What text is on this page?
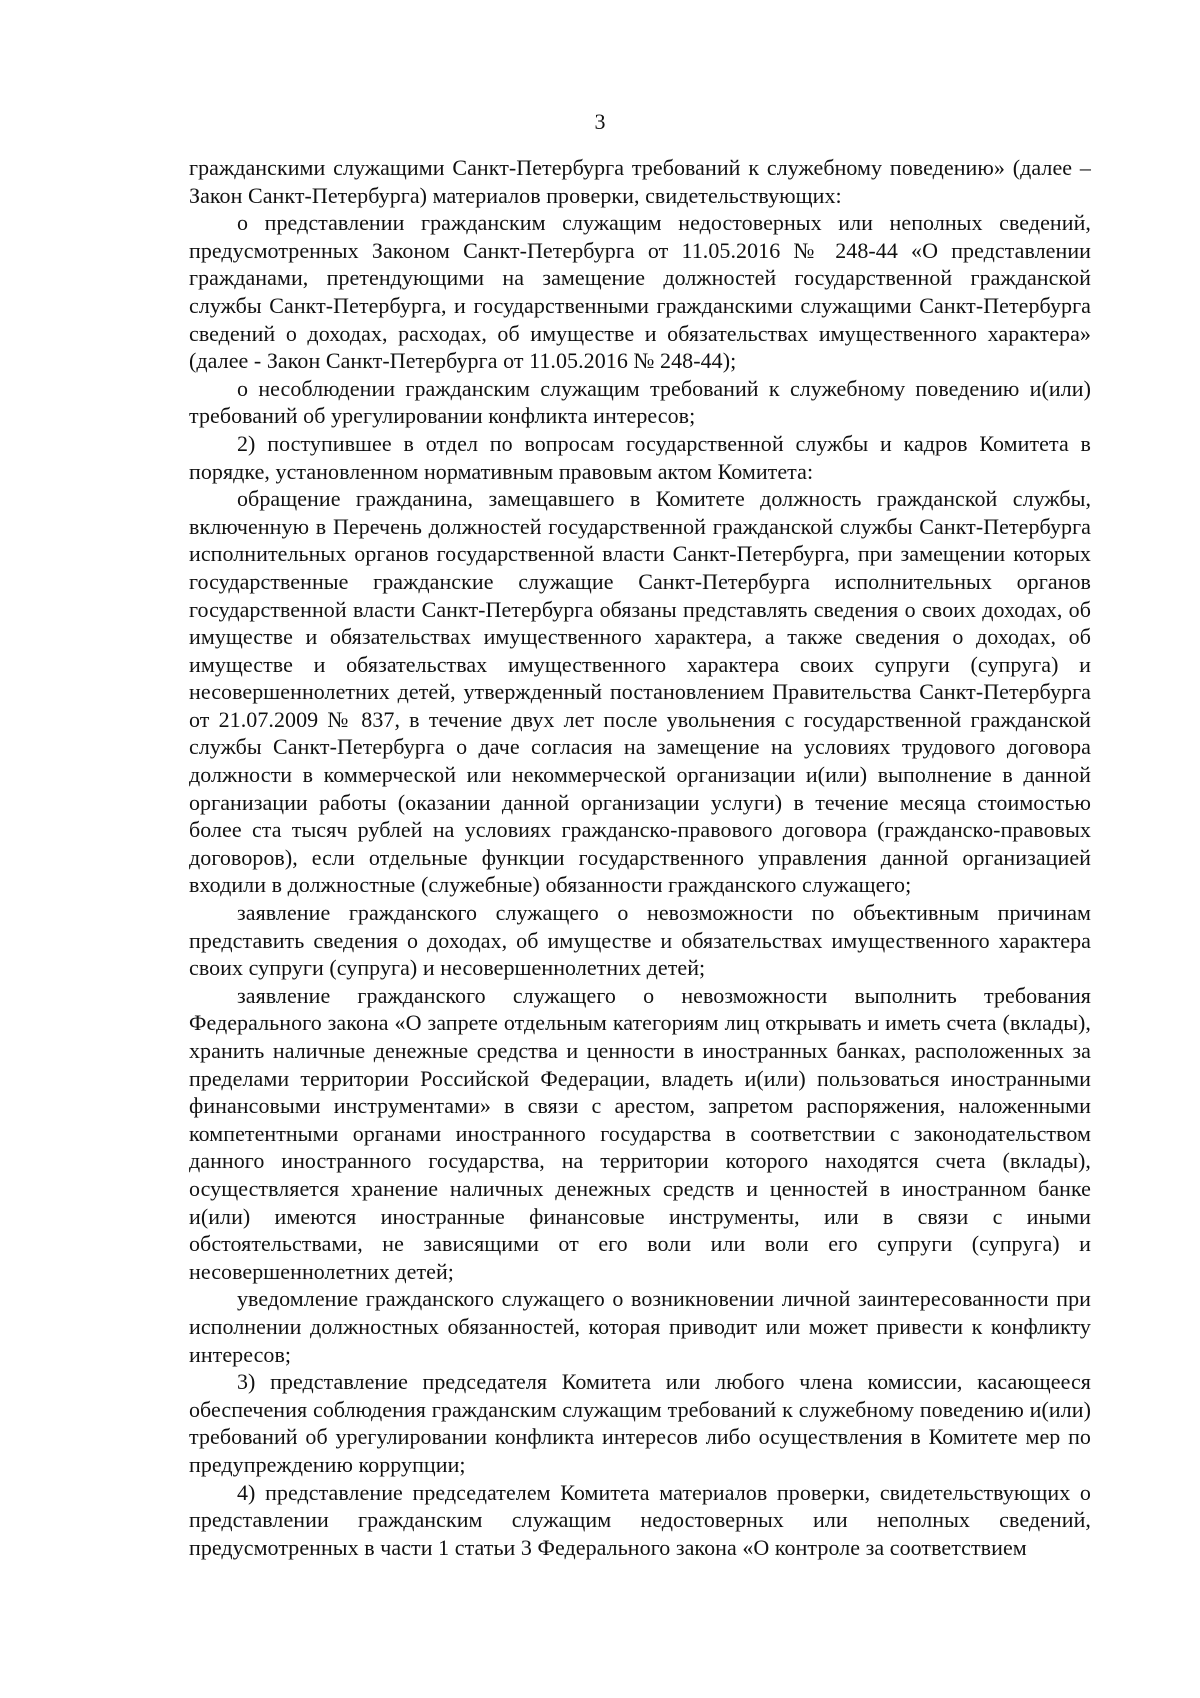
3

гражданскими служащими Санкт-Петербурга требований к служебному поведению» (далее – Закон Санкт-Петербурга) материалов проверки, свидетельствующих:

о представлении гражданским служащим недостоверных или неполных сведений, предусмотренных Законом Санкт-Петербурга от 11.05.2016 № 248-44 «О представлении гражданами, претендующими на замещение должностей государственной гражданской службы Санкт-Петербурга, и государственными гражданскими служащими Санкт-Петербурга сведений о доходах, расходах, об имуществе и обязательствах имущественного характера» (далее - Закон Санкт-Петербурга от 11.05.2016 № 248-44);

о несоблюдении гражданским служащим требований к служебному поведению и(или) требований об урегулировании конфликта интересов;

2) поступившее в отдел по вопросам государственной службы и кадров Комитета в порядке, установленном нормативным правовым актом Комитета:

обращение гражданина, замещавшего в Комитете должность гражданской службы, включенную в Перечень должностей государственной гражданской службы Санкт-Петербурга исполнительных органов государственной власти Санкт-Петербурга, при замещении которых государственные гражданские служащие Санкт-Петербурга исполнительных органов государственной власти Санкт-Петербурга обязаны представлять сведения о своих доходах, об имуществе и обязательствах имущественного характера, а также сведения о доходах, об имуществе и обязательствах имущественного характера своих супруги (супруга) и несовершеннолетних детей, утвержденный постановлением Правительства Санкт-Петербурга от 21.07.2009 № 837, в течение двух лет после увольнения с государственной гражданской службы Санкт-Петербурга о даче согласия на замещение на условиях трудового договора должности в коммерческой или некоммерческой организации и(или) выполнение в данной организации работы (оказании данной организации услуги) в течение месяца стоимостью более ста тысяч рублей на условиях гражданско-правового договора (гражданско-правовых договоров), если отдельные функции государственного управления данной организацией входили в должностные (служебные) обязанности гражданского служащего;

заявление гражданского служащего о невозможности по объективным причинам представить сведения о доходах, об имуществе и обязательствах имущественного характера своих супруги (супруга) и несовершеннолетних детей;

заявление гражданского служащего о невозможности выполнить требования Федерального закона «О запрете отдельным категориям лиц открывать и иметь счета (вклады), хранить наличные денежные средства и ценности в иностранных банках, расположенных за пределами территории Российской Федерации, владеть и(или) пользоваться иностранными финансовыми инструментами» в связи с арестом, запретом распоряжения, наложенными компетентными органами иностранного государства в соответствии с законодательством данного иностранного государства, на территории которого находятся счета (вклады), осуществляется хранение наличных денежных средств и ценностей в иностранном банке и(или) имеются иностранные финансовые инструменты, или в связи с иными обстоятельствами, не зависящими от его воли или воли его супруги (супруга) и несовершеннолетних детей;

уведомление гражданского служащего о возникновении личной заинтересованности при исполнении должностных обязанностей, которая приводит или может привести к конфликту интересов;

3) представление председателя Комитета или любого члена комиссии, касающееся обеспечения соблюдения гражданским служащим требований к служебному поведению и(или) требований об урегулировании конфликта интересов либо осуществления в Комитете мер по предупреждению коррупции;

4) представление председателем Комитета материалов проверки, свидетельствующих о представлении гражданским служащим недостоверных или неполных сведений, предусмотренных в части 1 статьи 3 Федерального закона «О контроле за соответствием
